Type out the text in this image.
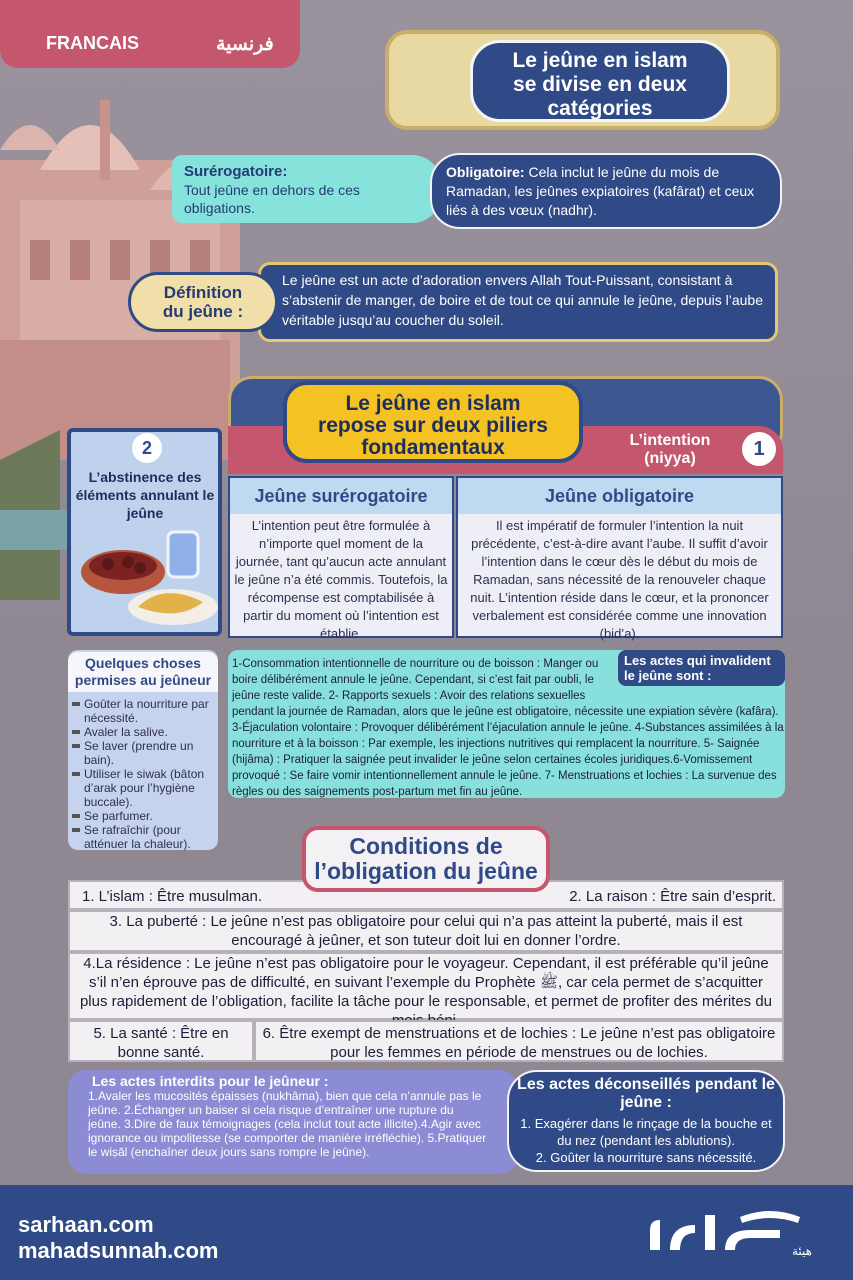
FRANCAIS	فرنسية
Le jeûne en islam
se divise en deux
catégories
Surérogatoire:
Tout jeûne en dehors de ces obligations.
Obligatoire: Cela inclut le jeûne du mois de Ramadan, les jeûnes expiatoires (kafârat) et ceux liés à des vœux (nadhr).
Définition
du jeûne :
Le jeûne est un acte d’adoration envers Allah Tout-Puissant, consistant à s’abstenir de manger, de boire et de tout ce qui annule le jeûne, depuis l’aube véritable jusqu’au coucher du soleil.
Le jeûne en islam
repose sur deux piliers
fondamentaux	L’intention
(niyya)	1
2
L’abstinence des éléments annulant le jeûne
Jeûne surérogatoire
L’intention peut être formulée à n’importe quel moment de la journée, tant qu’aucun acte annulant le jeûne n’a été commis. Toutefois, la récompense est comptabilisée à partir du moment où l’intention est établie.
Jeûne obligatoire
Il est impératif de formuler l’intention la nuit précédente, c’est-à-dire avant l’aube. Il suffit d’avoir l’intention dans le cœur dès le début du mois de Ramadan, sans nécessité de la renouveler chaque nuit. L’intention réside dans le cœur, et la prononcer verbalement est considérée comme une innovation (bid’a).
Quelques choses permises au jeûneur
Goûter la nourriture par nécessité.
Avaler la salive.
Se laver (prendre un bain).
Utiliser le siwak (bâton d’arak pour l’hygiène buccale).
Se parfumer.
Se rafraîchir (pour atténuer la chaleur).
1-Consommation intentionnelle de nourriture ou de boisson : Manger ou boire délibérément annule le jeûne. Cependant, si c’est fait par oubli, le jeûne reste valide. 2- Rapports sexuels : Avoir des relations sexuelles pendant la journée de Ramadan, alors que le jeûne est obligatoire, nécessite une expiation sévère (kafâra). 3-Éjaculation volontaire : Provoquer délibérément l’éjaculation annule le jeûne. 4-Substances assimilées à la nourriture et à la boisson : Par exemple, les injections nutritives qui remplacent la nourriture. 5- Saignée (hijâma) : Pratiquer la saignée peut invalider le jeûne selon certaines écoles juridiques.6-Vomissement provoqué : Se faire vomir intentionnellement annule le jeûne. 7- Menstruations et lochies : La survenue des règles ou des saignements post-partum met fin au jeûne.
Les actes qui invalident le jeûne sont :
1. L’islam : Être musulman.	2. La raison : Être sain d’esprit.
Conditions de
l’obligation du jeûne
3. La puberté : Le jeûne n’est pas obligatoire pour celui qui n’a pas atteint la puberté, mais il est encouragé à jeûner, et son tuteur doit lui en donner l’ordre.
4.La résidence : Le jeûne n’est pas obligatoire pour le voyageur. Cependant, il est préférable qu’il jeûne s’il n’en éprouve pas de difficulté, en suivant l’exemple du Prophète ﷺ, car cela permet de s’acquitter plus rapidement de l’obligation, facilite la tâche pour le responsable, et permet de profiter des mérites du
5. La santé : Être en bonne santé.
6. Être exempt de menstruations et de lochies : Le jeûne n’est pas obligatoire pour les femmes en période de menstrues ou de lochies.
Les actes interdits pour le jeûneur :
1.Avaler les mucosités épaisses (nukhâma), bien que cela n’annule pas le jeûne. 2.Échanger un baiser si cela risque d’entraîner une rupture du jeûne. 3.Dire de faux témoignages (cela inclut tout acte illicite).4.Agir avec ignorance ou impolitesse (se comporter de manière irréfléchie). 5.Pratiquer le wiṣāl (enchaîner deux jours sans rompre le jeûne).
Les actes déconseillés pendant le jeûne :
1. Exagérer dans le rinçage de la bouche et du nez (pendant les ablutions).
2. Goûter la nourriture sans nécessité.
sarhaan.com
mahadsunnah.com	هيئة
